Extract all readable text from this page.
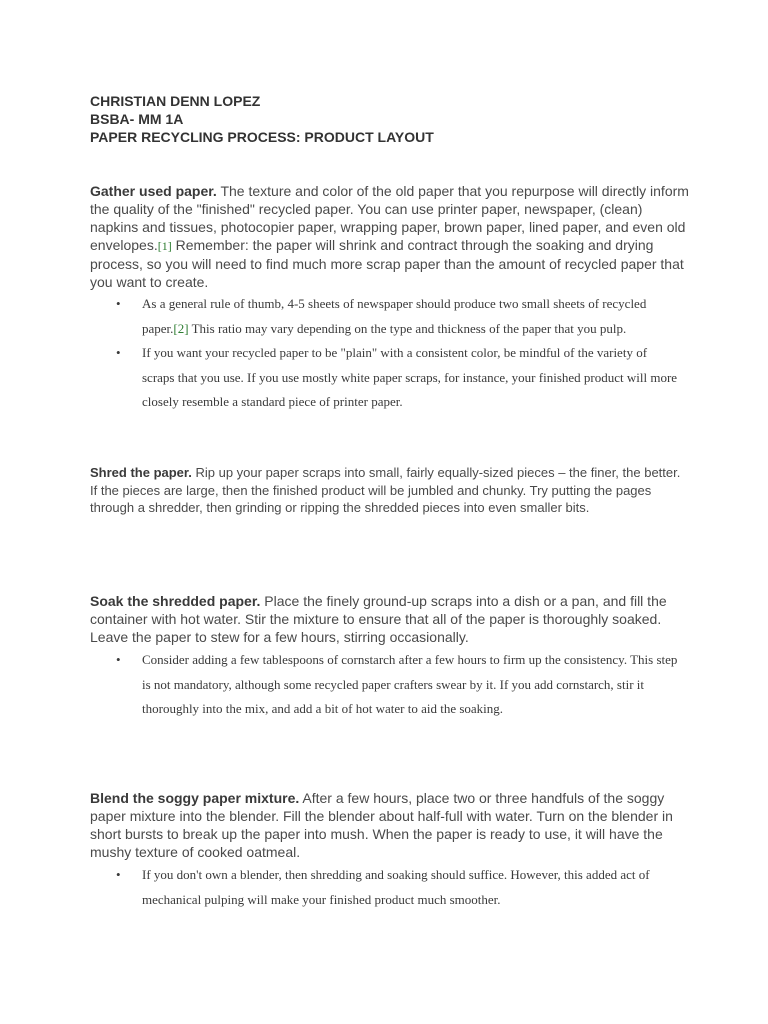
CHRISTIAN DENN LOPEZ
BSBA- MM 1A
PAPER RECYCLING PROCESS: PRODUCT LAYOUT

Gather used paper. The texture and color of the old paper that you repurpose will directly inform the quality of the "finished" recycled paper. You can use printer paper, newspaper, (clean) napkins and tissues, photocopier paper, wrapping paper, brown paper, lined paper, and even old envelopes.[1] Remember: the paper will shrink and contract through the soaking and drying process, so you will need to find much more scrap paper than the amount of recycled paper that you want to create.

• As a general rule of thumb, 4-5 sheets of newspaper should produce two small sheets of recycled paper.[2] This ratio may vary depending on the type and thickness of the paper that you pulp.
• If you want your recycled paper to be "plain" with a consistent color, be mindful of the variety of scraps that you use. If you use mostly white paper scraps, for instance, your finished product will more closely resemble a standard piece of printer paper.

Shred the paper. Rip up your paper scraps into small, fairly equally-sized pieces – the finer, the better. If the pieces are large, then the finished product will be jumbled and chunky. Try putting the pages through a shredder, then grinding or ripping the shredded pieces into even smaller bits.

Soak the shredded paper. Place the finely ground-up scraps into a dish or a pan, and fill the container with hot water. Stir the mixture to ensure that all of the paper is thoroughly soaked. Leave the paper to stew for a few hours, stirring occasionally.

• Consider adding a few tablespoons of cornstarch after a few hours to firm up the consistency. This step is not mandatory, although some recycled paper crafters swear by it. If you add cornstarch, stir it thoroughly into the mix, and add a bit of hot water to aid the soaking.

Blend the soggy paper mixture. After a few hours, place two or three handfuls of the soggy paper mixture into the blender. Fill the blender about half-full with water. Turn on the blender in short bursts to break up the paper into mush. When the paper is ready to use, it will have the mushy texture of cooked oatmeal.

• If you don't own a blender, then shredding and soaking should suffice. However, this added act of mechanical pulping will make your finished product much smoother.
